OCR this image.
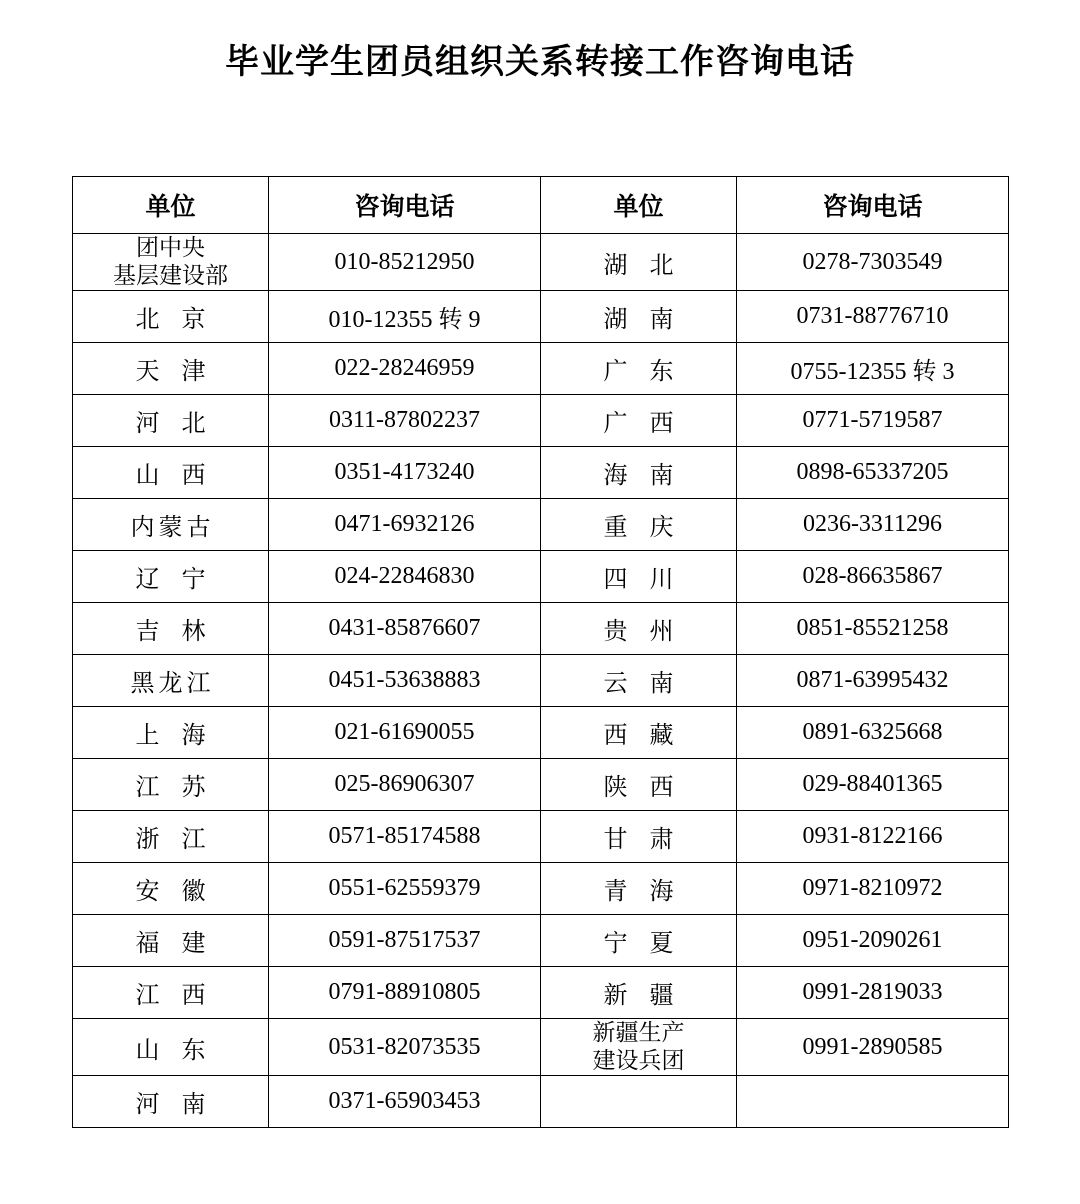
毕业学生团员组织关系转接工作咨询电话
单位	咨询电话	单位	咨询电话

团中央
基层建设部	010-85212950	湖北	0278-7303549
北京	010-12355 转 9	湖南	0731-88776710
天津	022-28246959	广东	0755-12355 转 3
河北	0311-87802237	广西	0771-5719587
山西	0351-4173240	海南	0898-65337205
内蒙古	0471-6932126	重庆	0236-3311296
辽宁	024-22846830	四川	028-86635867
吉林	0431-85876607	贵州	0851-85521258
黑龙江	0451-53638883	云南	0871-63995432
上海	021-61690055	西藏	0891-6325668
江苏	025-86906307	陕西	029-88401365
浙江	0571-85174588	甘肃	0931-8122166
安徽	0551-62559379	青海	0971-8210972
福建	0591-87517537	宁夏	0951-2090261
江西	0791-88910805	新疆	0991-2819033
山东	0531-82073535	新疆生产
建设兵团	0991-2890585
河南	0371-65903453		
